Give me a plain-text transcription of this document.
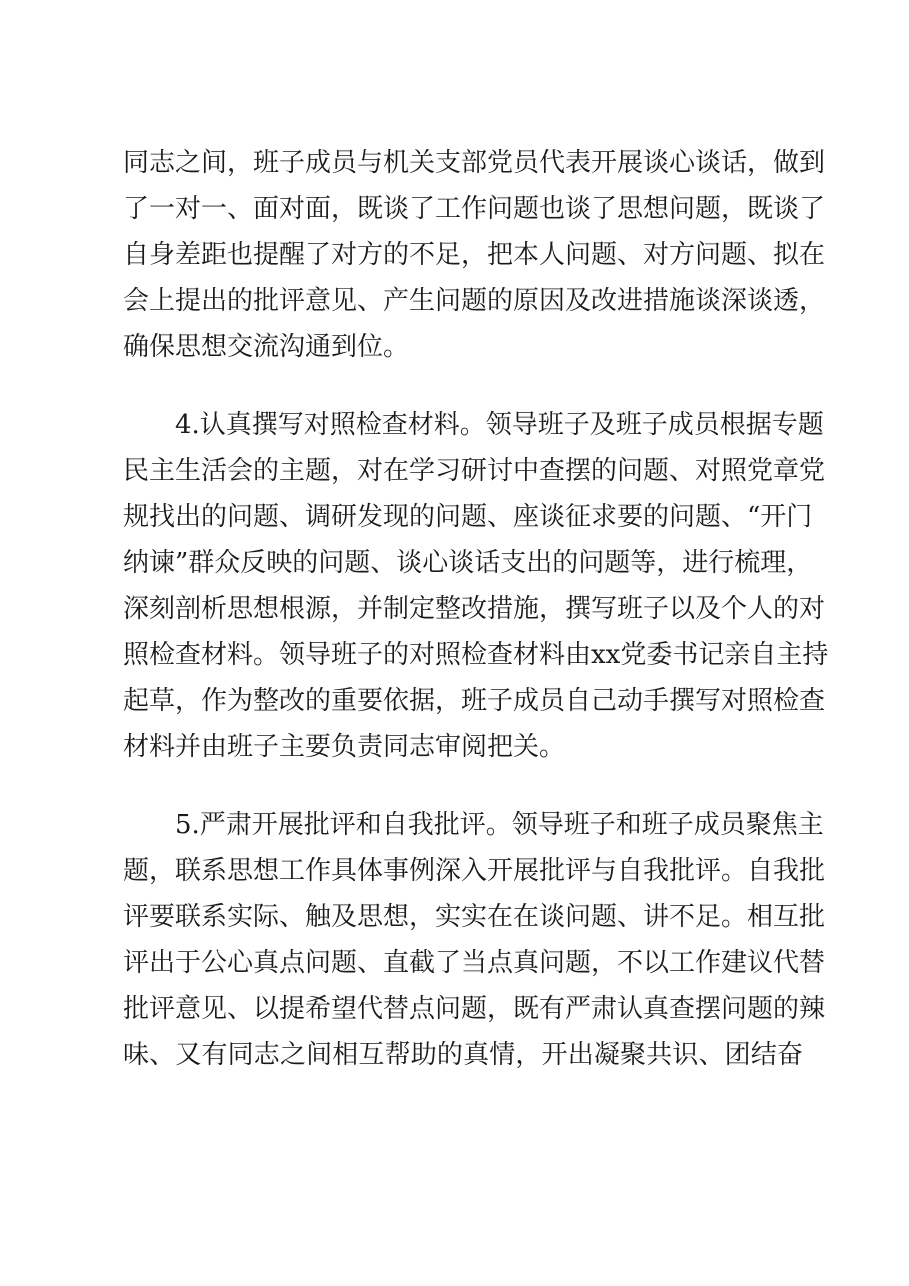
同志之间，班子成员与机关支部党员代表开展谈心谈话，做到
了一对一、面对面，既谈了工作问题也谈了思想问题，既谈了
自身差距也提醒了对方的不足，把本人问题、对方问题、拟在
会上提出的批评意见、产生问题的原因及改进措施谈深谈透，
确保思想交流沟通到位。
4.认真撰写对照检查材料。领导班子及班子成员根据专题
民主生活会的主题，对在学习研讨中查摆的问题、对照党章党
规找出的问题、调研发现的问题、座谈征求要的问题、“开门
纳谏”群众反映的问题、谈心谈话支出的问题等，进行梳理，
深刻剖析思想根源，并制定整改措施，撰写班子以及个人的对
照检查材料。领导班子的对照检查材料由xx党委书记亲自主持
起草，作为整改的重要依据，班子成员自己动手撰写对照检查
材料并由班子主要负责同志审阅把关。
5.严肃开展批评和自我批评。领导班子和班子成员聚焦主
题，联系思想工作具体事例深入开展批评与自我批评。自我批
评要联系实际、触及思想，实实在在谈问题、讲不足。相互批
评出于公心真点问题、直截了当点真问题，不以工作建议代替
批评意见、以提希望代替点问题，既有严肃认真查摆问题的辣
味、又有同志之间相互帮助的真情，开出凝聚共识、团结奋
